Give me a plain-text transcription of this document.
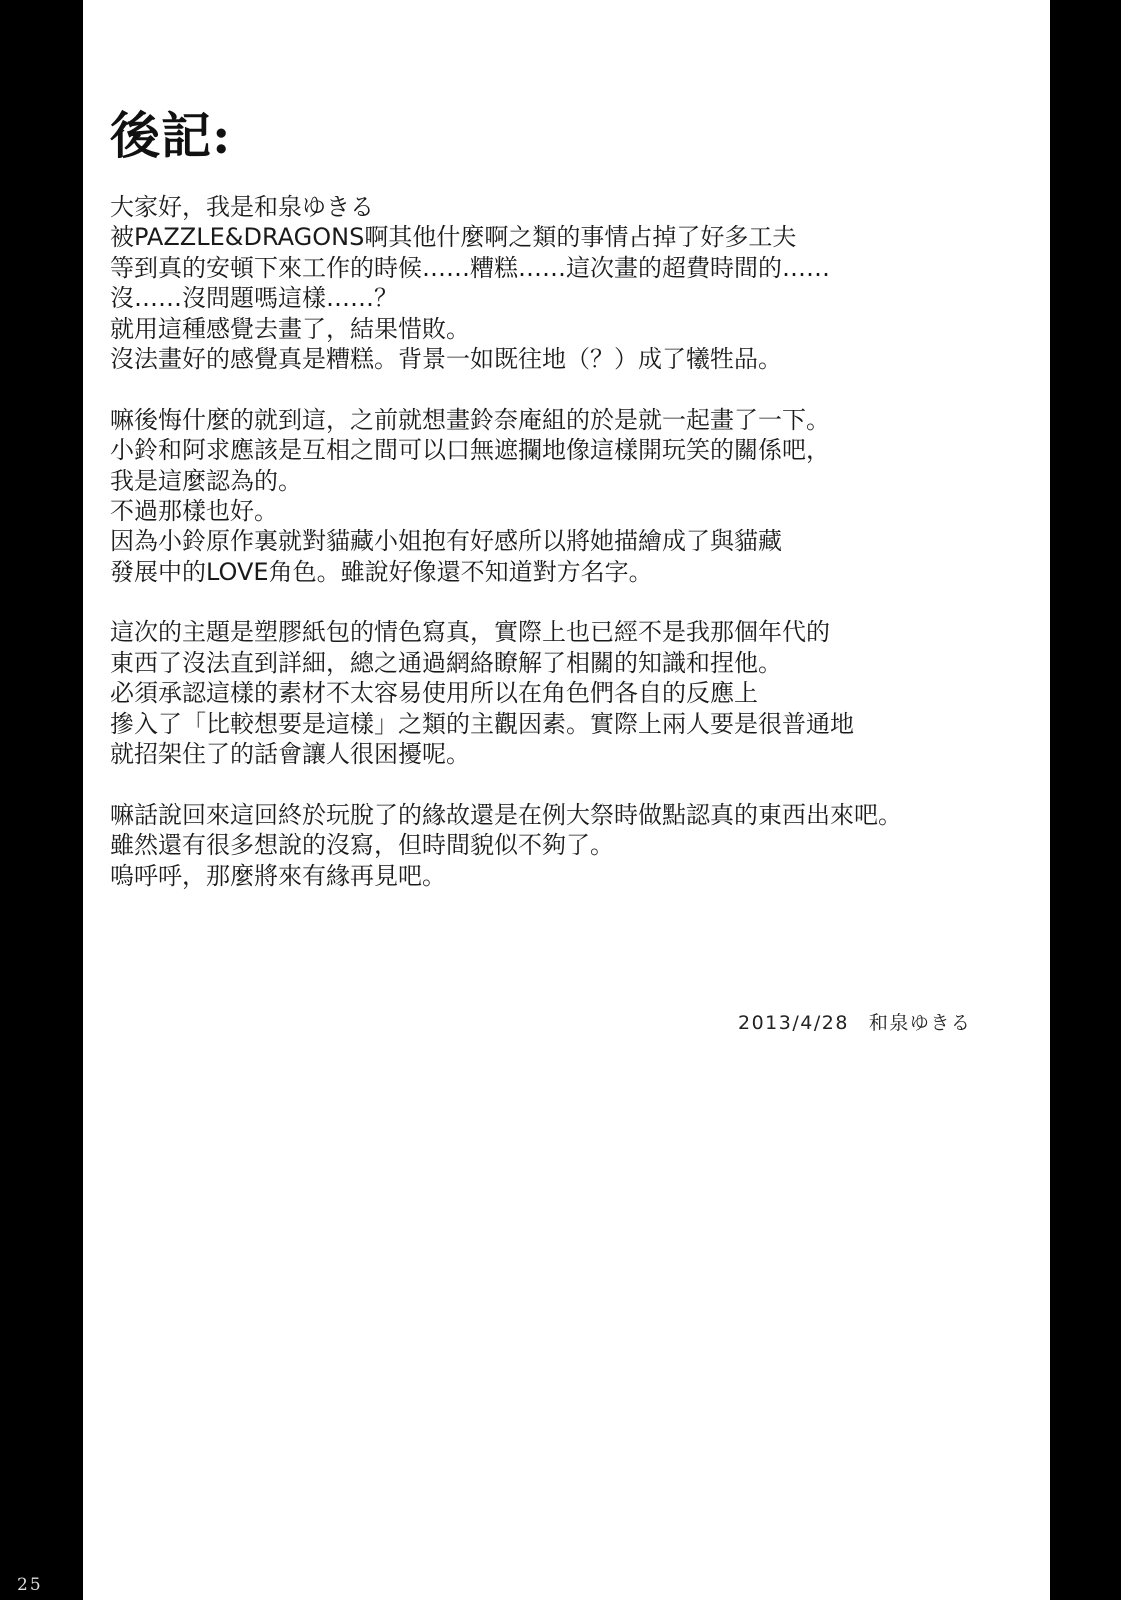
後記:
大家好，我是和泉ゆきる
被PAZZLE&DRAGONS啊其他什麼啊之類的事情占掉了好多工夫
等到真的安頓下來工作的時候……糟糕……這次畫的超費時間的……
沒……沒問題嗎這樣……？
就用這種感覺去畫了，結果惜敗。
沒法畫好的感覺真是糟糕。背景一如既往地（？）成了犧牲品。
嘛後悔什麼的就到這，之前就想畫鈴奈庵組的於是就一起畫了一下。
小鈴和阿求應該是互相之間可以口無遮攔地像這樣開玩笑的關係吧，
我是這麼認為的。
不過那樣也好。
因為小鈴原作裏就對貓藏小姐抱有好感所以將她描繪成了與貓藏
發展中的LOVE角色。雖說好像還不知道對方名字。
這次的主題是塑膠紙包的情色寫真，實際上也已經不是我那個年代的
東西了沒法直到詳細，總之通過網絡瞭解了相關的知識和捏他。
必須承認這樣的素材不太容易使用所以在角色們各自的反應上
摻入了「比較想要是這樣」之類的主觀因素。實際上兩人要是很普通地
就招架住了的話會讓人很困擾呢。
嘛話說回來這回終於玩脫了的緣故還是在例大祭時做點認真的東西出來吧。
雖然還有很多想說的沒寫，但時間貌似不夠了。
嗚呼呼，那麼將來有緣再見吧。
2013/4/28 和泉ゆきる
25
